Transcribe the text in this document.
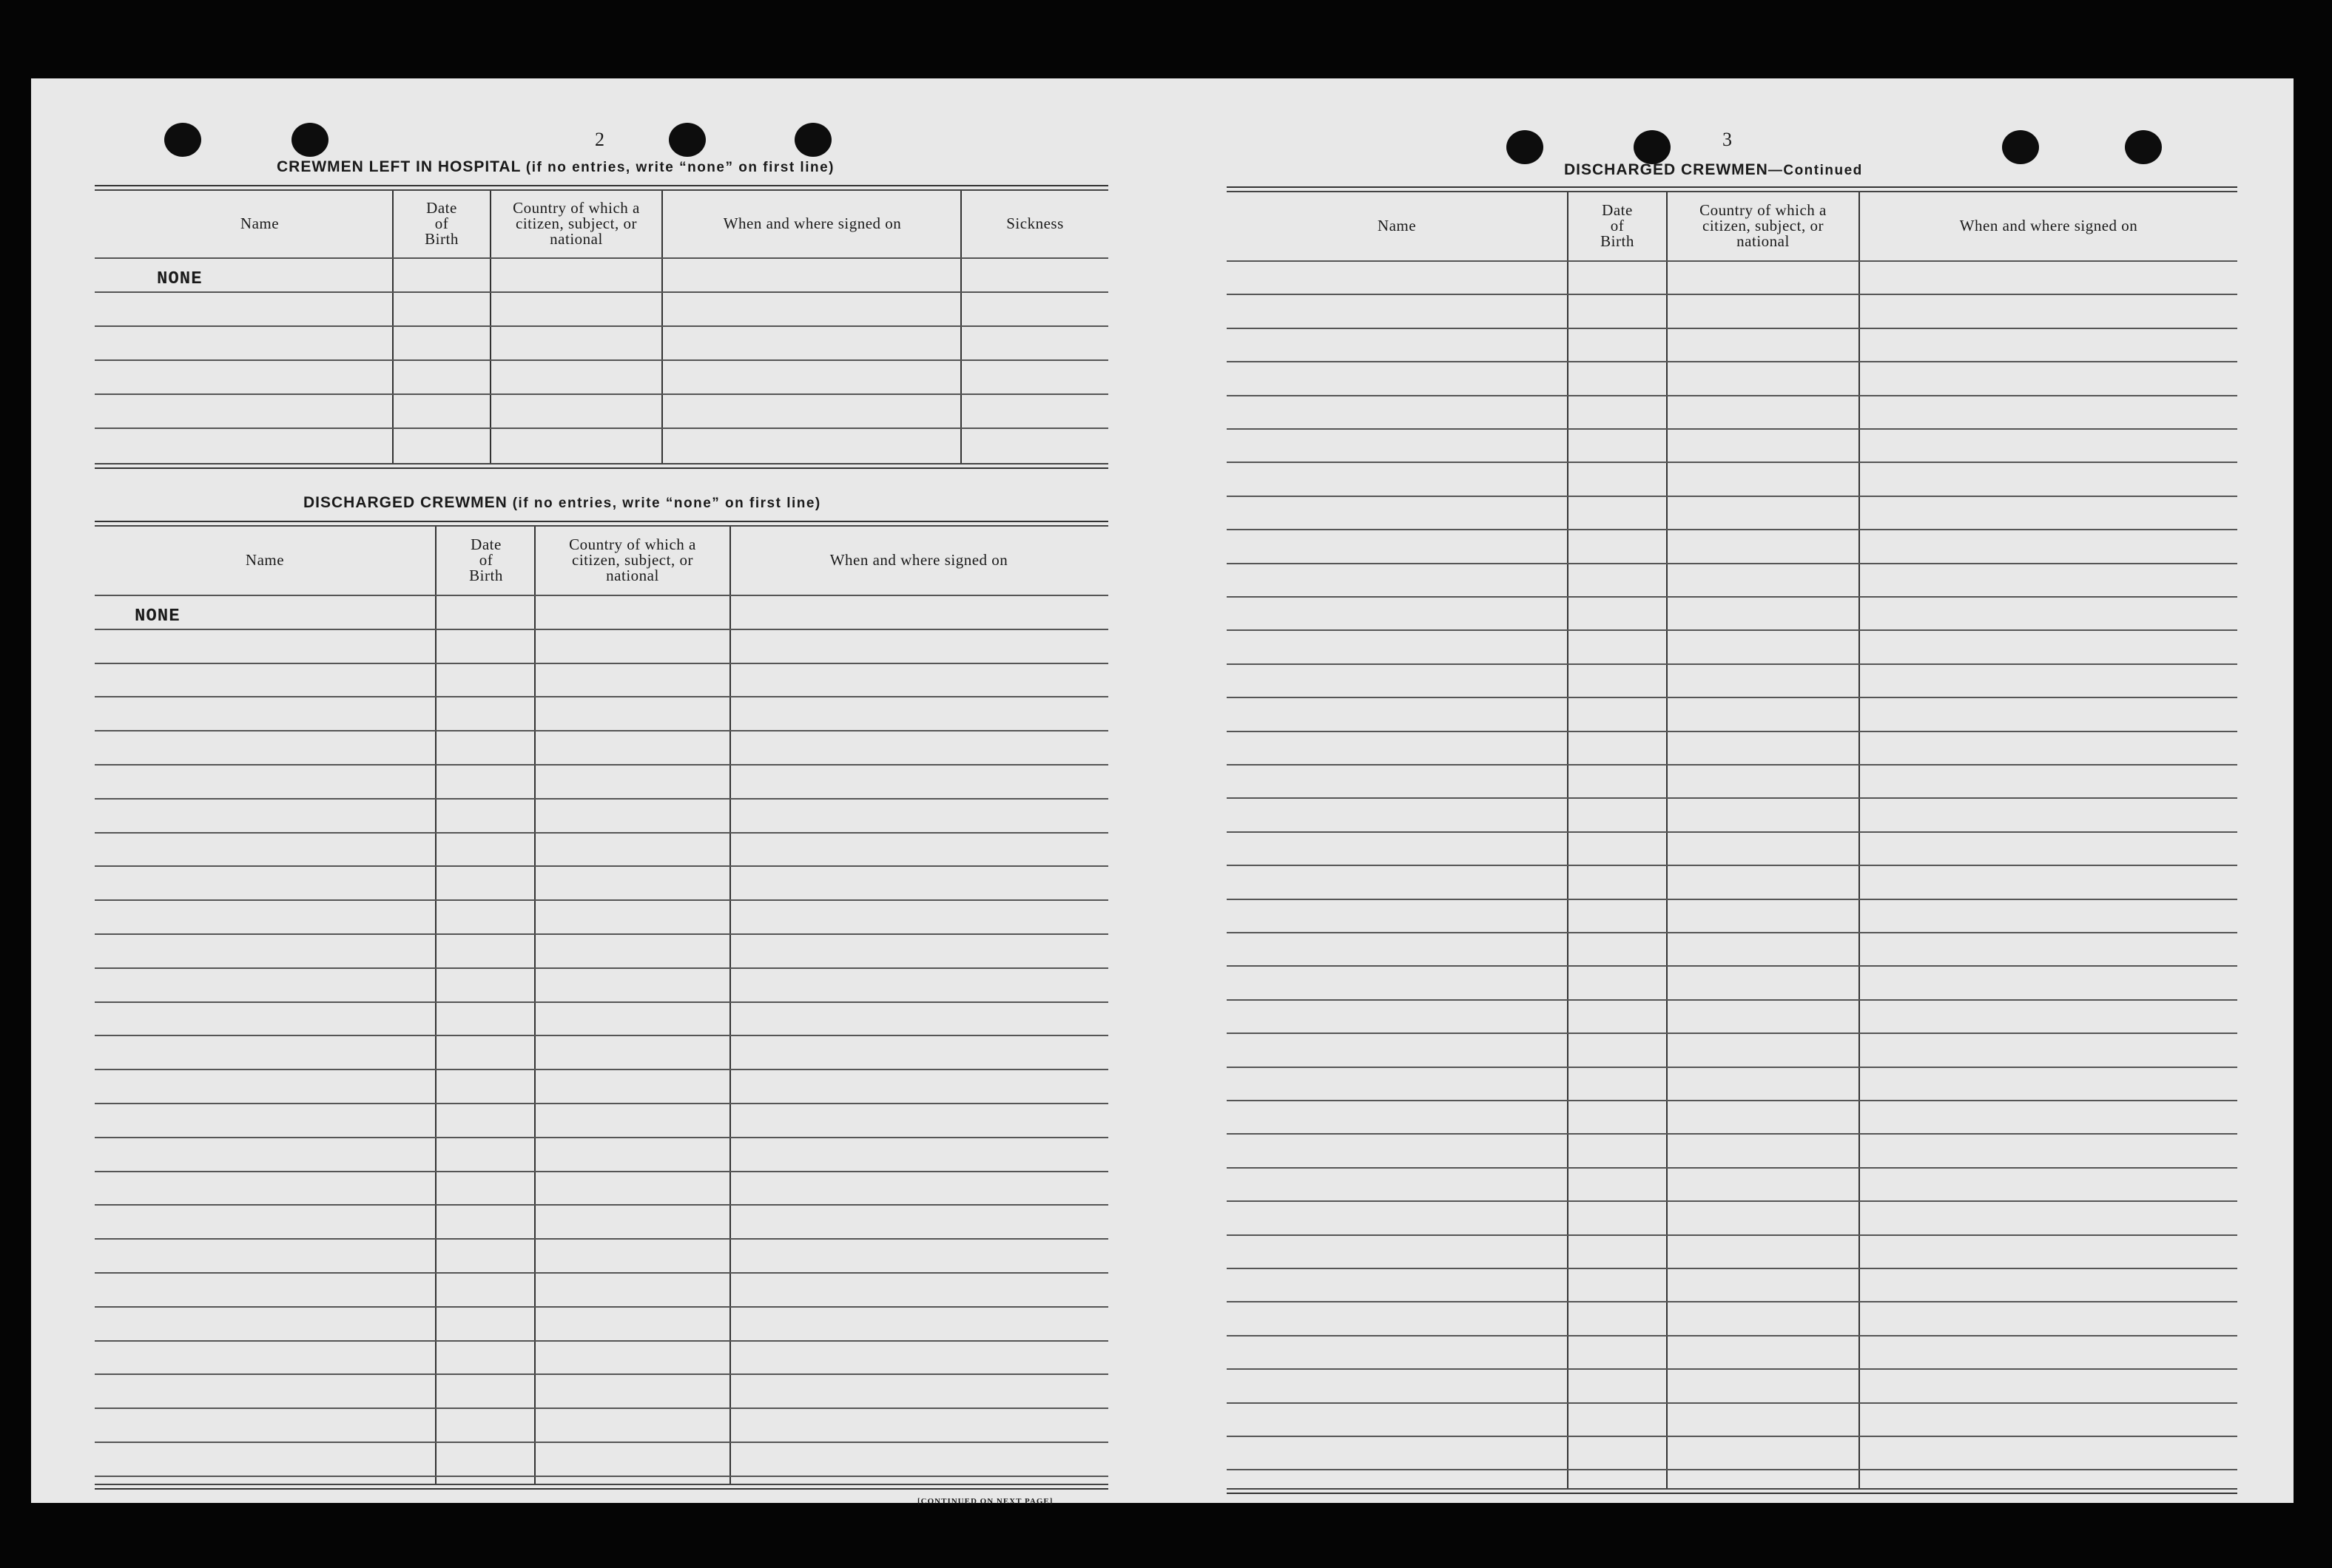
2
CREWMEN LEFT IN HOSPITAL (if no entries, write “none” on first line)
Name
Date
of
Birth
Country of which a
citizen, subject, or
national
When and where signed on	Sickness
NONE
DISCHARGED CREWMEN (if no entries, write “none” on first line)
Name
Date
of
Birth
Country of which a
citizen, subject, or
national
When and where signed on
NONE
[CONTINUED ON NEXT PAGE]
3
DISCHARGED CREWMEN—Continued
Name
Date
of
Birth
Country of which a
citizen, subject, or
national
When and where signed on
